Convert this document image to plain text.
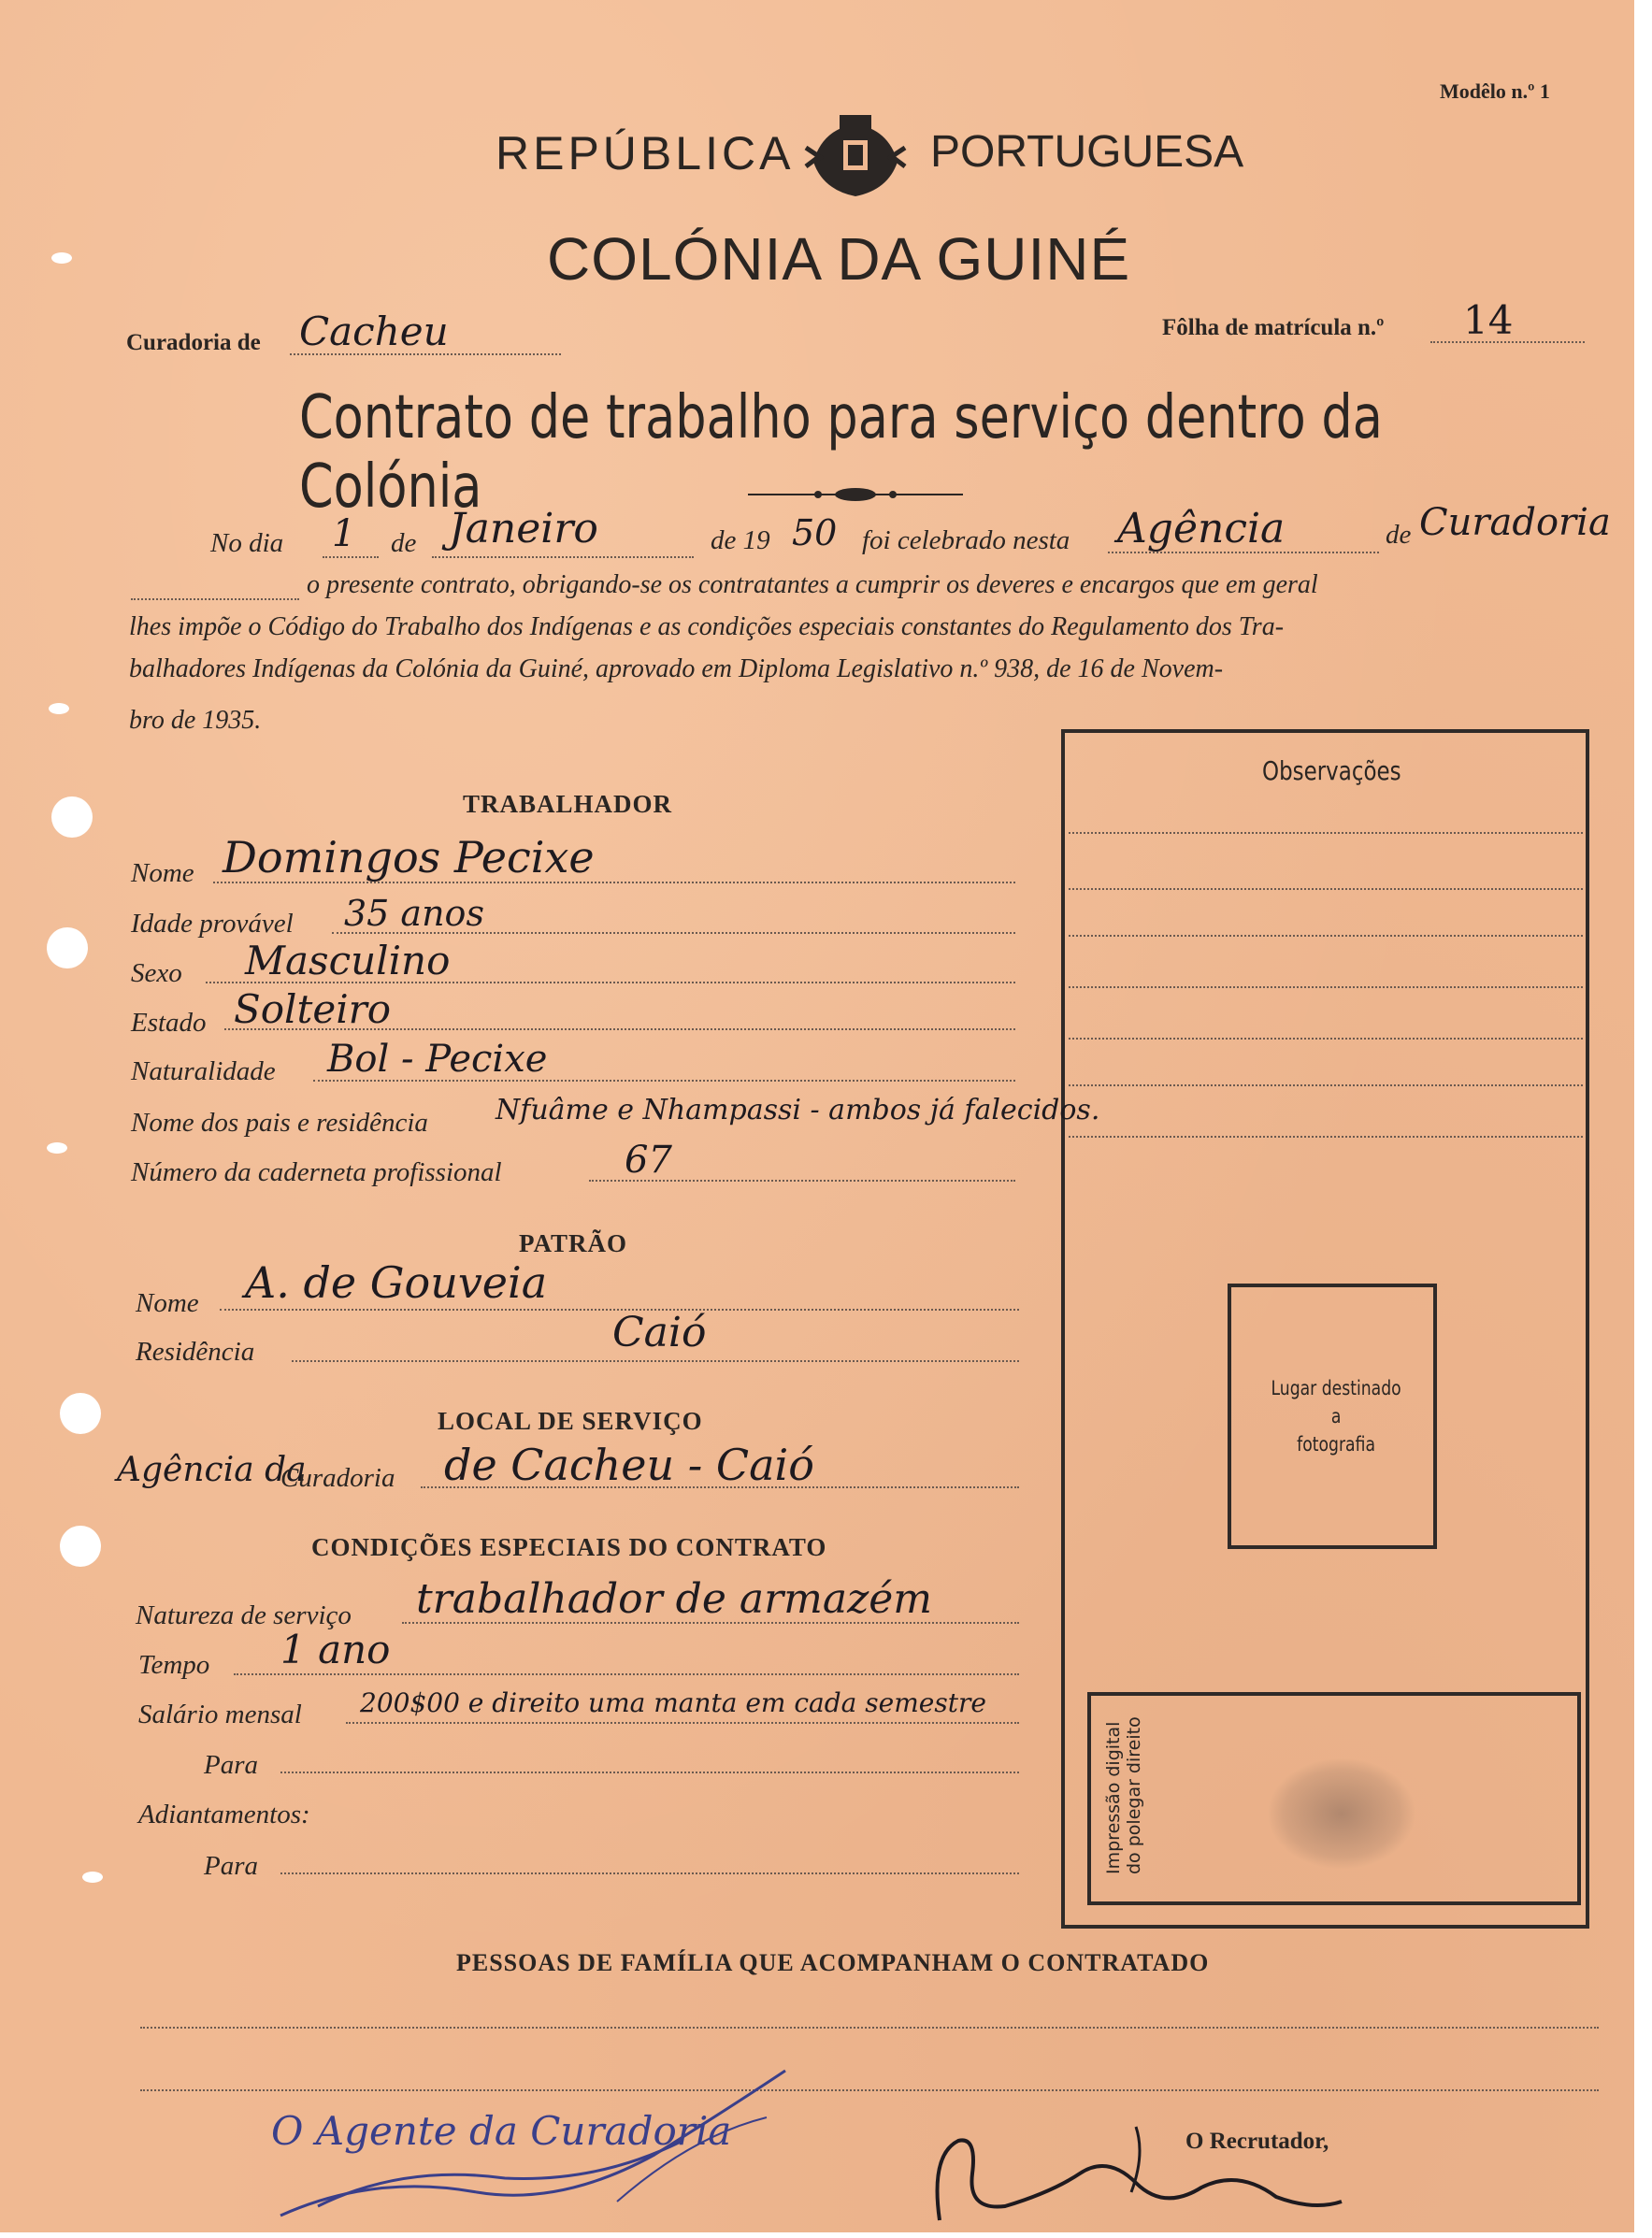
Modêlo n.º 1
REPÚBLICA	PORTUGUESA
COLÓNIA DA GUINÉ
Curadoria de Cacheu	Fôlha de matrícula n.º 14
Contrato de trabalho para serviço dentro da Colónia
No dia 1 de Janeiro	de 19 50 foi celebrado nesta Agência	de Curadoria
o presente contrato, obrigando-se os contratantes a cumprir os deveres e encargos que em geral
lhes impõe o Código do Trabalho dos Indígenas e as condições especiais constantes do Regulamento dos Tra-
balhadores Indígenas da Colónia da Guiné, aprovado em Diploma Legislativo n.º 938, de 16 de Novem-
bro de 1935.
Observações
Lugar destinado
a
fotografia
Impressão digital do polegar direito
TRABALHADOR
Nome Domingos Pecixe
Idade provável 35 anos
Sexo Masculino
Estado Solteiro
Naturalidade Bol - Pecixe
Nome dos pais e residência Nfuâme e Nhampassi - ambos já falecidos.
Número da caderneta profissional	67
PATRÃO
Nome A. de Gouveia
Residência	Caió
LOCAL DE SERVIÇO
Agência da
Curadoria de Cacheu - Caió
CONDIÇÕES ESPECIAIS DO CONTRATO
Natureza de serviço trabalhador de armazém
Tempo 1 ano
Salário mensal 200$00 e direito uma manta em cada semestre
Para
Adiantamentos:
Para
PESSOAS DE FAMÍLIA QUE ACOMPANHAM O CONTRATADO
O Agente da Curadoria	O Recrutador,
